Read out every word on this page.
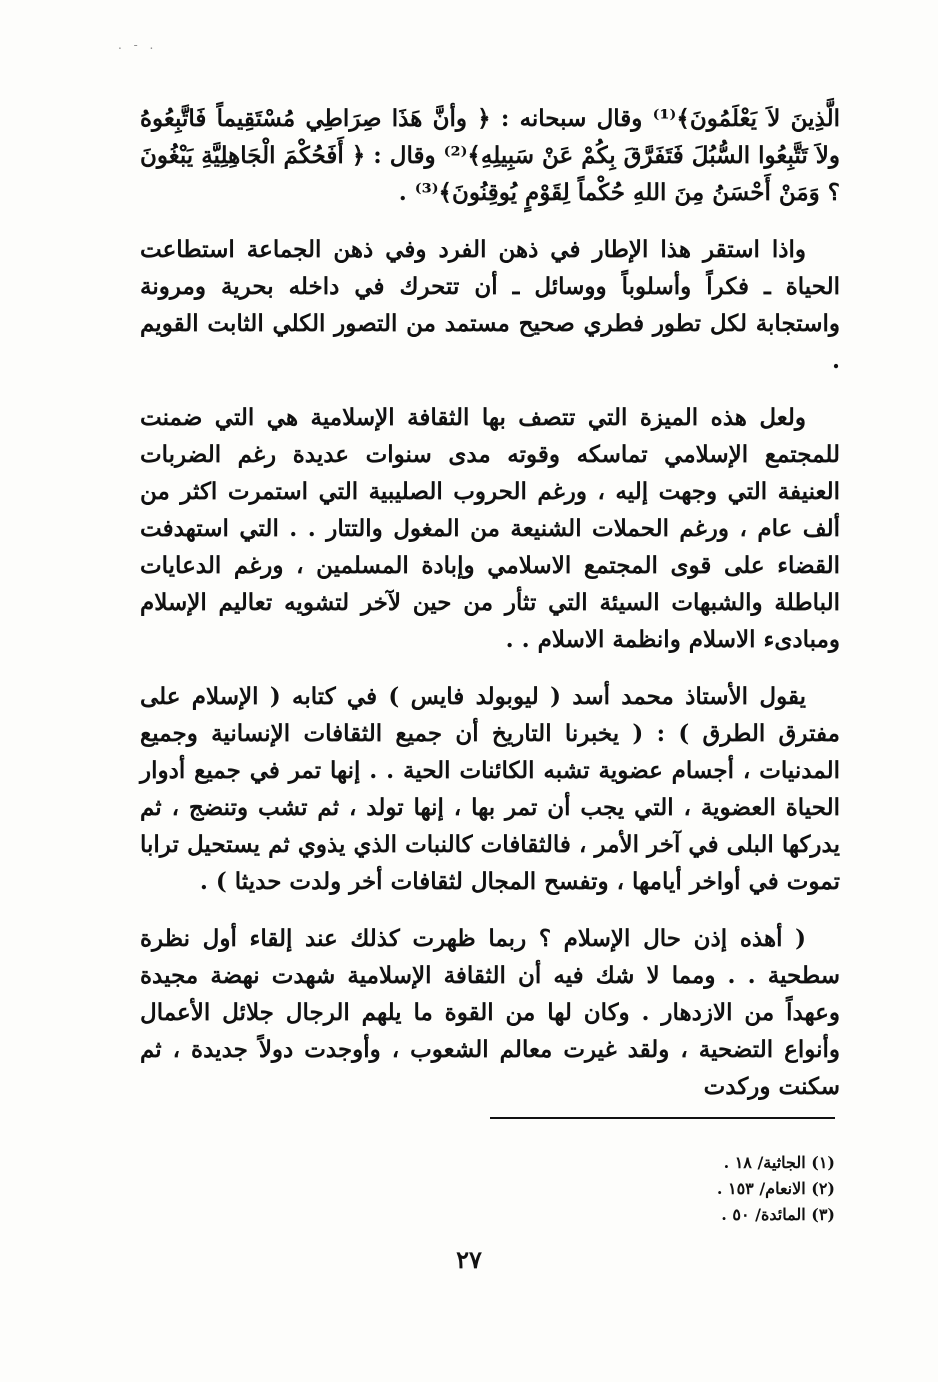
. - .

الَّذِينَ لاَ يَعْلَمُونَ﴾⁽¹⁾ وقال سبحانه : ﴿ وأنَّ هَذَا صِرَاطِي مُسْتَقِيماً فَاتَّبِعُوهُ ولاَ تَتَّبِعُوا السُّبُلَ فَتَفَرَّقَ بِكُمْ عَنْ سَبِيلِهِ﴾⁽²⁾ وقال : ﴿ أَفَحُكْمَ الْجَاهِلِيَّةِ يَبْغُونَ ؟ وَمَنْ أَحْسَنُ مِنَ اللهِ حُكْماً لِقَوْمٍ يُوقِنُونَ﴾⁽³⁾ .

واذا استقر هذا الإطار في ذهن الفرد وفي ذهن الجماعة استطاعت الحياة ـ فكراً وأسلوباً ووسائل ـ أن تتحرك في داخله بحرية ومرونة واستجابة لكل تطور فطري صحيح مستمد من التصور الكلي الثابت القويم .

ولعل هذه الميزة التي تتصف بها الثقافة الإسلامية هي التي ضمنت للمجتمع الإسلامي تماسكه وقوته مدى سنوات عديدة رغم الضربات العنيفة التي وجهت إليه ، ورغم الحروب الصليبية التي استمرت اكثر من ألف عام ، ورغم الحملات الشنيعة من المغول والتتار . . التي استهدفت القضاء على قوى المجتمع الاسلامي وإبادة المسلمين ، ورغم الدعايات الباطلة والشبهات السيئة التي تثأر من حين لآخر لتشويه تعاليم الإسلام ومبادىء الاسلام وانظمة الاسلام . .

يقول الأستاذ محمد أسد ( ليوبولد فايس ) في كتابه ( الإسلام على مفترق الطرق ) : ( يخبرنا التاريخ أن جميع الثقافات الإنسانية وجميع المدنيات ، أجسام عضوية تشبه الكائنات الحية . . إنها تمر في جميع أدوار الحياة العضوية ، التي يجب أن تمر بها ، إنها تولد ، ثم تشب وتنضج ، ثم يدركها البلى في آخر الأمر ، فالثقافات كالنبات الذي يذوي ثم يستحيل ترابا تموت في أواخر أيامها ، وتفسح المجال لثقافات أخر ولدت حديثا ) .

( أهذه إذن حال الإسلام ؟ ربما ظهرت كذلك عند إلقاء أول نظرة سطحية . . ومما لا شك فيه أن الثقافة الإسلامية شهدت نهضة مجيدة وعهداً من الازدهار . وكان لها من القوة ما يلهم الرجال جلائل الأعمال وأنواع التضحية ، ولقد غيرت معالم الشعوب ، وأوجدت دولاً جديدة ، ثم سكنت وركدت

(١) الجاثية/ ١٨ .

(٢) الانعام/ ١٥٣ .

(٣) المائدة/ ٥٠ .

٢٧
